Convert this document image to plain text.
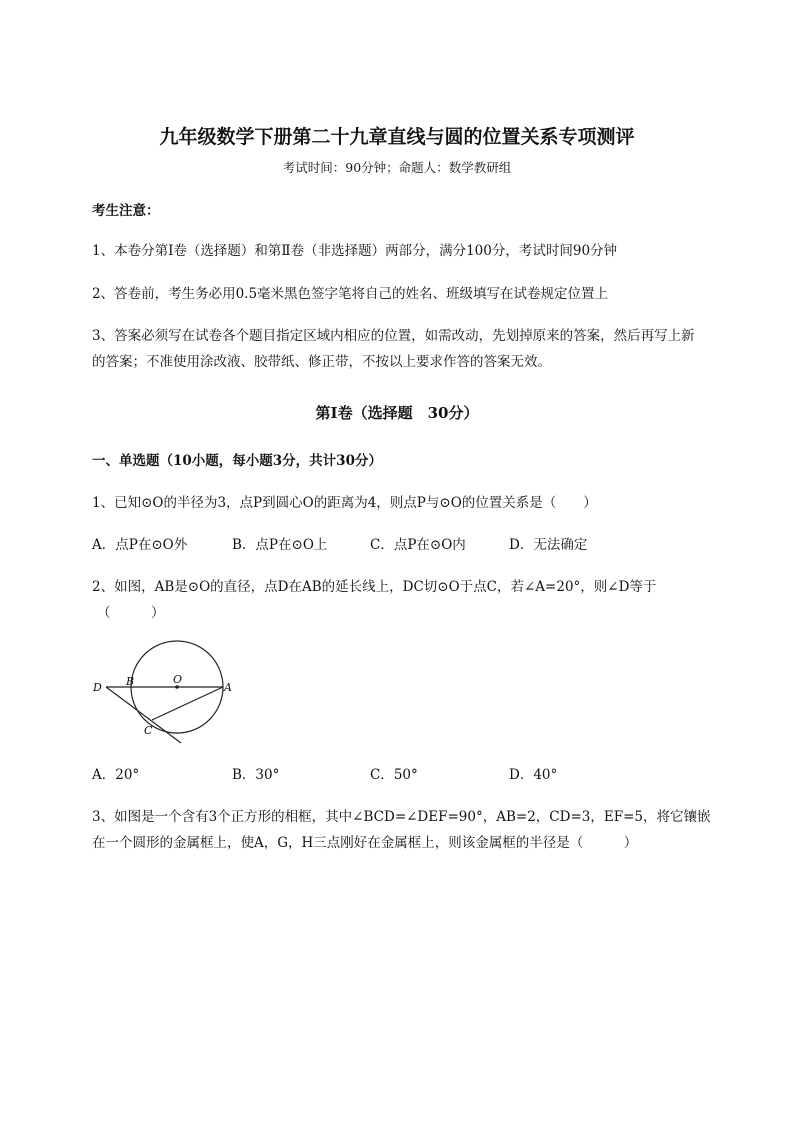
九年级数学下册第二十九章直线与圆的位置关系专项测评
考试时间：90分钟；命题人：数学教研组
考生注意：
1、本卷分第I卷（选择题）和第Ⅱ卷（非选择题）两部分，满分100分，考试时间90分钟
2、答卷前，考生务必用0.5毫米黑色签字笔将自己的姓名、班级填写在试卷规定位置上
3、答案必须写在试卷各个题目指定区域内相应的位置，如需改动，先划掉原来的答案，然后再写上新
的答案；不准使用涂改液、胶带纸、修正带，不按以上要求作答的答案无效。
第I卷（选择题　30分）
一、单选题（10小题，每小题3分，共计30分）
1、已知⊙O的半径为3，点P到圆心O的距离为4，则点P与⊙O的位置关系是（　　）
A．点P在⊙O外	B．点P在⊙O上	C．点P在⊙O内	D．无法确定
2、如图，AB是⊙O的直径，点D在AB的延长线上，DC切⊙O于点C，若∠A=20°，则∠D等于
（　　　）
D B	O
A
C
A．20°	B．30°	C．50°	D．40°
3、如图是一个含有3个正方形的相框，其中∠BCD=∠DEF=90°，AB=2，CD=3，EF=5，将它镶嵌
在一个圆形的金属框上，使A，G，H三点刚好在金属框上，则该金属框的半径是（　　　）
